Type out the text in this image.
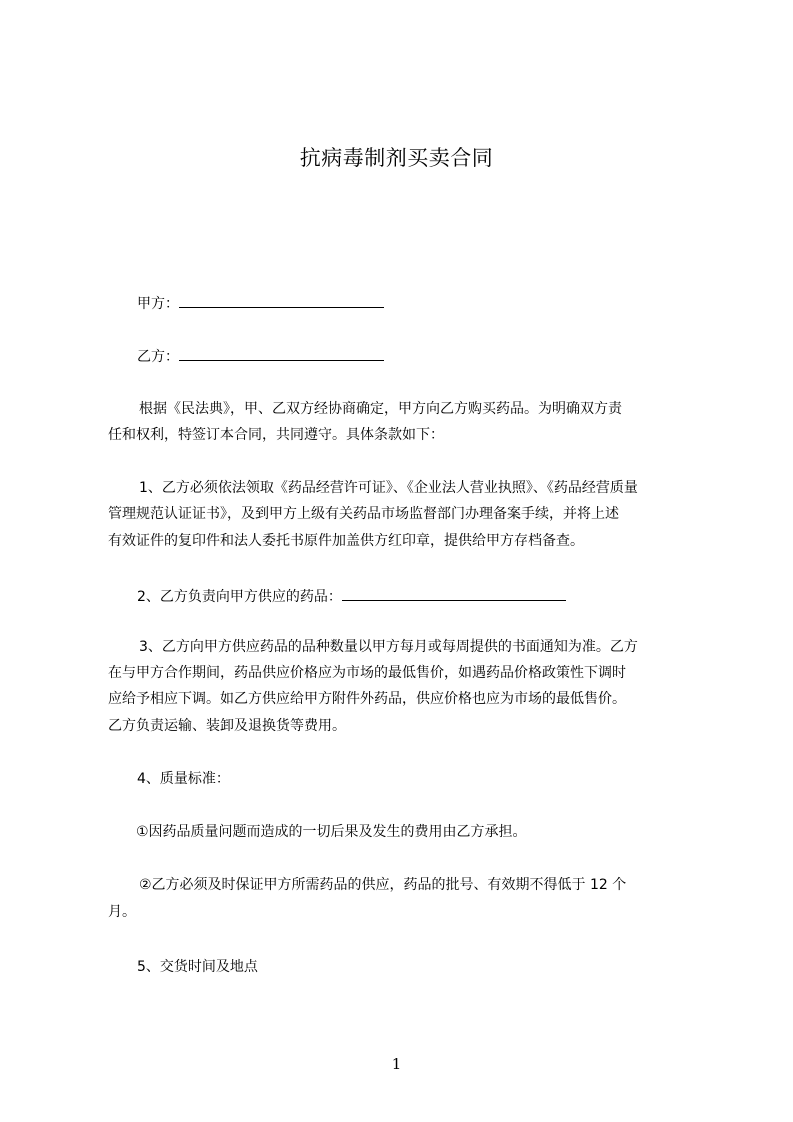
抗病毒制剂买卖合同
甲方：
乙方：
根据《民法典》，甲、乙双方经协商确定，甲方向乙方购买药品。为明确双方责
任和权利，特签订本合同，共同遵守。具体条款如下：
1、乙方必须依法领取《药品经营许可证》、《企业法人营业执照》、《药品经营质量
管理规范认证证书》，及到甲方上级有关药品市场监督部门办理备案手续，并将上述
有效证件的复印件和法人委托书原件加盖供方红印章，提供给甲方存档备查。
2、乙方负责向甲方供应的药品：
3、乙方向甲方供应药品的品种数量以甲方每月或每周提供的书面通知为准。乙方
在与甲方合作期间，药品供应价格应为市场的最低售价，如遇药品价格政策性下调时
应给予相应下调。如乙方供应给甲方附件外药品，供应价格也应为市场的最低售价。
乙方负责运输、装卸及退换货等费用。
4、质量标准：
①因药品质量问题而造成的一切后果及发生的费用由乙方承担。
②乙方必须及时保证甲方所需药品的供应，药品的批号、有效期不得低于 12 个
月。
5、交货时间及地点
1
